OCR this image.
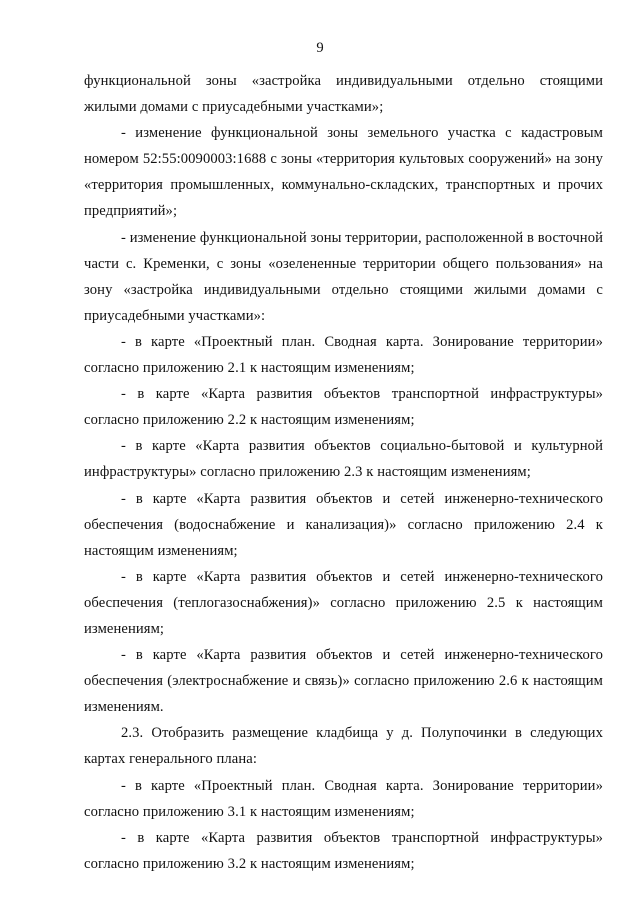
9

функциональной зоны «застройка индивидуальными отдельно стоящими жилыми домами с приусадебными участками»;

- изменение функциональной зоны земельного участка с кадастровым номером 52:55:0090003:1688 с зоны «территория культовых сооружений» на зону «территория промышленных, коммунально-складских, транспортных и прочих предприятий»;

- изменение функциональной зоны территории, расположенной в восточной части с. Кременки, с зоны «озелененные территории общего пользования» на зону «застройка индивидуальными отдельно стоящими жилыми домами с приусадебными участками»:

- в карте «Проектный план. Сводная карта. Зонирование территории» согласно приложению 2.1 к настоящим изменениям;

- в карте «Карта развития объектов транспортной инфраструктуры» согласно приложению 2.2 к настоящим изменениям;

- в карте «Карта развития объектов социально-бытовой и культурной инфраструктуры» согласно приложению 2.3 к настоящим изменениям;

- в карте «Карта развития объектов и сетей инженерно-технического обеспечения (водоснабжение и канализация)» согласно приложению 2.4 к настоящим изменениям;

- в карте «Карта развития объектов и сетей инженерно-технического обеспечения (теплогазоснабжения)» согласно приложению 2.5 к настоящим изменениям;

- в карте «Карта развития объектов и сетей инженерно-технического обеспечения (электроснабжение и связь)» согласно приложению 2.6 к настоящим изменениям.

2.3. Отобразить размещение кладбища у д. Полупочинки в следующих картах генерального плана:

- в карте «Проектный план. Сводная карта. Зонирование территории» согласно приложению 3.1 к настоящим изменениям;

- в карте «Карта развития объектов транспортной инфраструктуры» согласно приложению 3.2 к настоящим изменениям;
